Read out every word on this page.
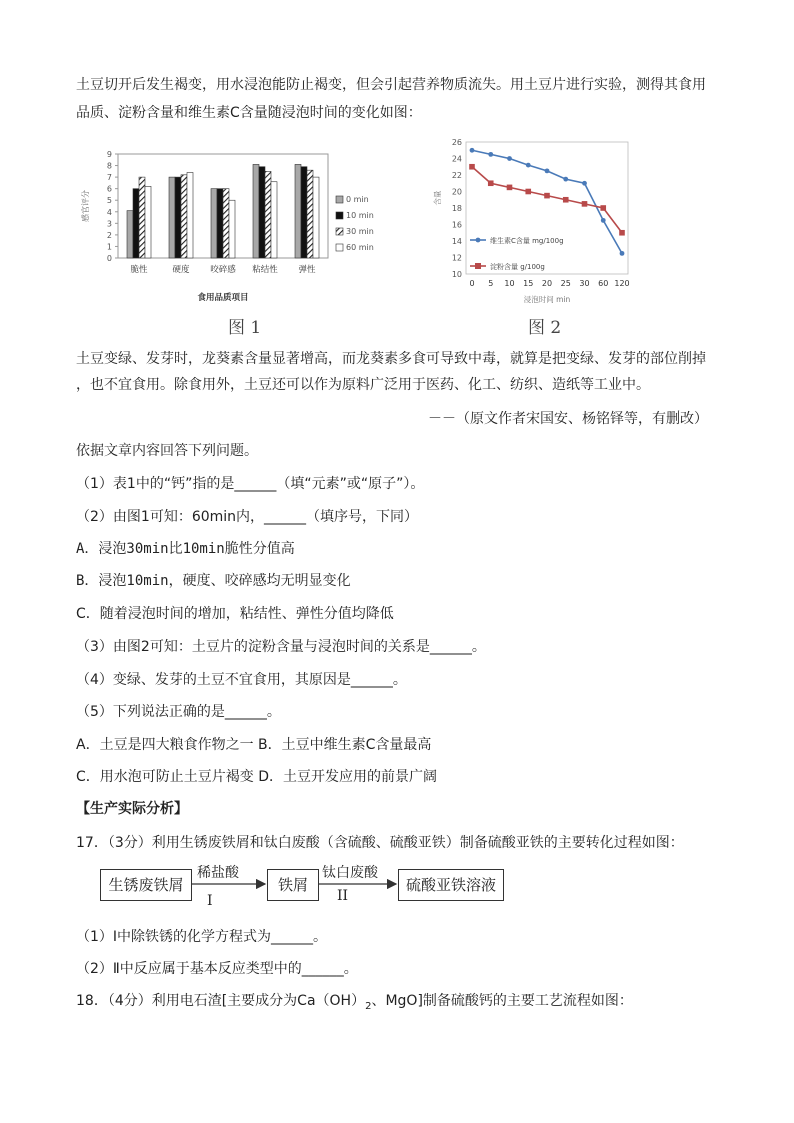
土豆切开后发生褐变，用水浸泡能防止褐变，但会引起营养物质流失。用土豆片进行实验，测得其食用
品质、淀粉含量和维生素C含量随浸泡时间的变化如图：
0
1
2
3
4
5
6
7
8
9
感官评分
脆性	硬度 咬碎感 粘结性 弹性
食用品质项目
0 min
10 min
30 min
60 min
图 1
10
12
14
16
18
20
22
24
26
含量
0 5 10 15 20 25 30 60 120
浸泡时间 min
维生素C含量 mg/100g
淀粉含量 g/100g
图 2
土豆变绿、发芽时，龙葵素含量显著增高，而龙葵素多食可导致中毒，就算是把变绿、发芽的部位削掉
，也不宜食用。除食用外，土豆还可以作为原料广泛用于医药、化工、纺织、造纸等工业中。
－－（原文作者宋国安、杨铭铎等，有删改）
依据文章内容回答下列问题。
（1）表1中的“钙”指的是______（填“元素”或“原子”）。
（2）由图1可知：60min内，______（填序号，下同）
A．浸泡30min比10min脆性分值高
B．浸泡10min，硬度、咬碎感均无明显变化
C．随着浸泡时间的增加，粘结性、弹性分值均降低
（3）由图2可知：土豆片的淀粉含量与浸泡时间的关系是______。
（4）变绿、发芽的土豆不宜食用，其原因是______。
（5）下列说法正确的是______。
A．土豆是四大粮食作物之一 B．土豆中维生素C含量最高
C．用水泡可防止土豆片褐变 D．土豆开发应用的前景广阔
【生产实际分析】
17．（3分）利用生锈废铁屑和钛白废酸（含硫酸、硫酸亚铁）制备硫酸亚铁的主要转化过程如图：
生锈废铁屑
稀盐酸
I
铁屑
钛白废酸
II
硫酸亚铁溶液
（1）Ⅰ中除铁锈的化学方程式为______。
（2）Ⅱ中反应属于基本反应类型中的______。
18．（4分）利用电石渣[主要成分为$Ca(OH)_2$、MgO]制备硫酸钙的主要工艺流程如图：
